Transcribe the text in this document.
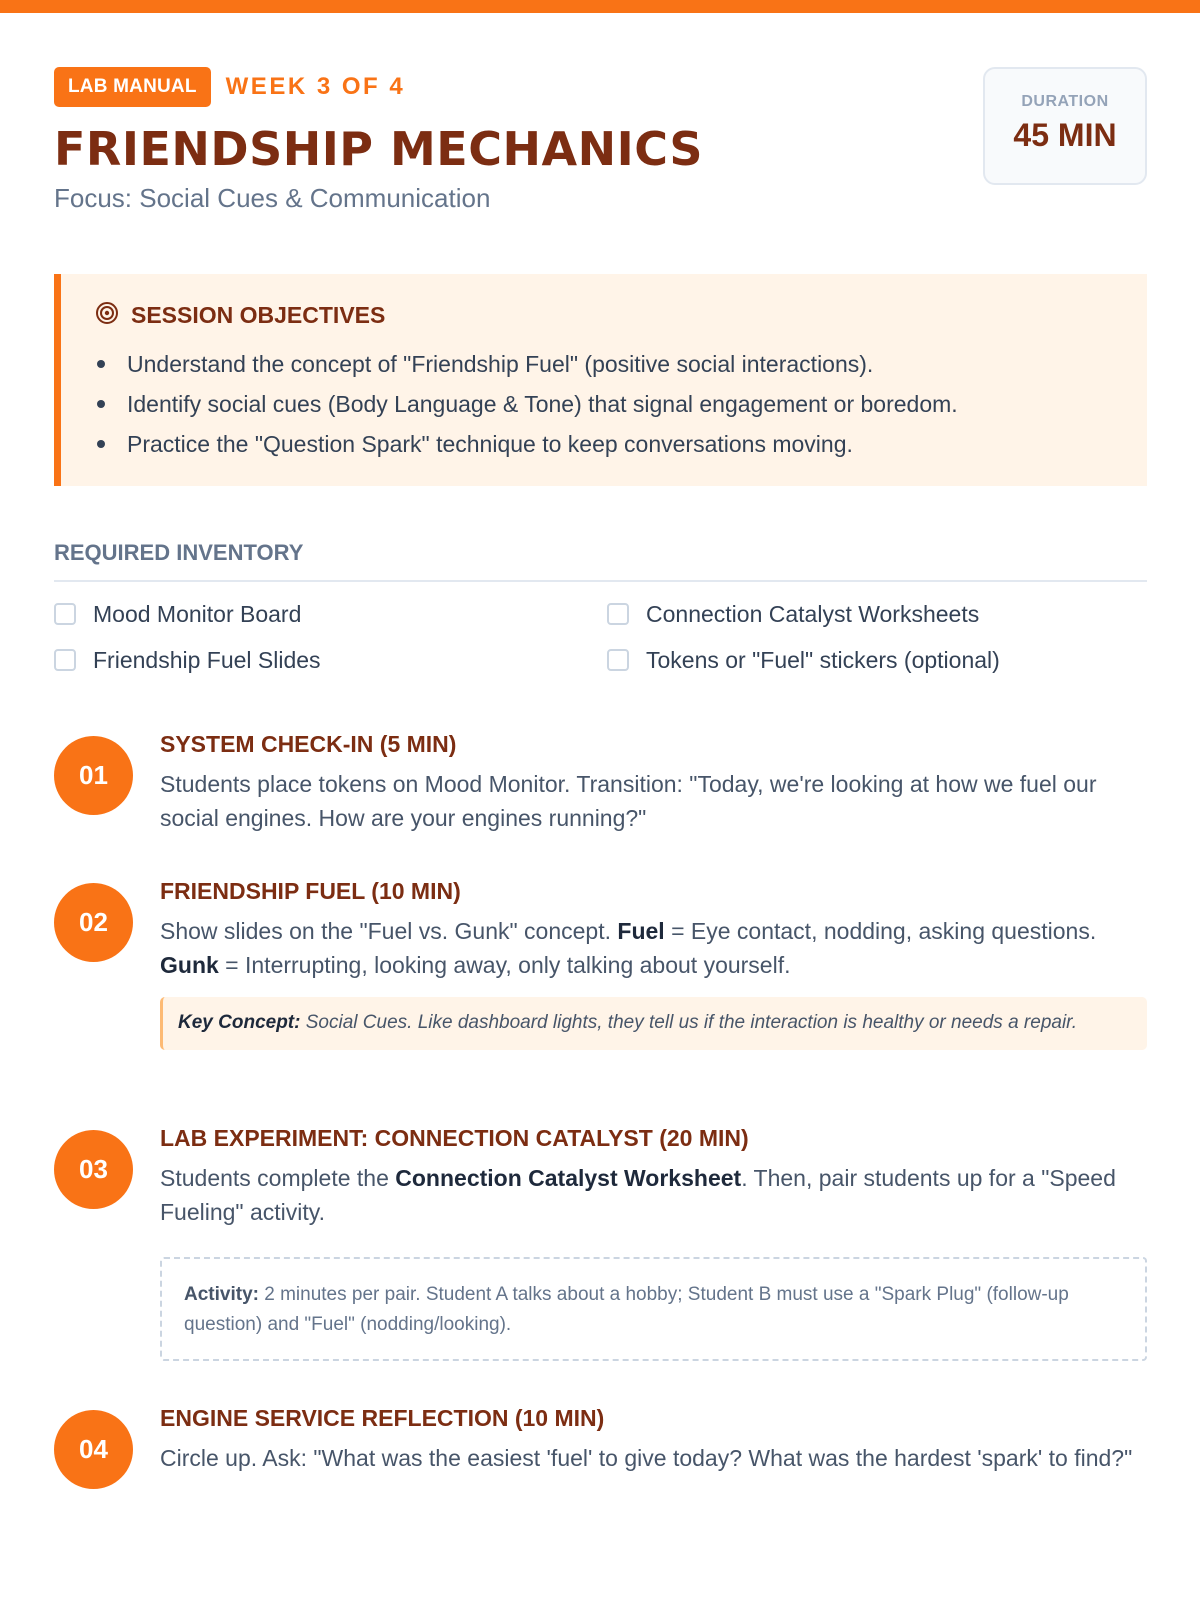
LAB MANUAL	WEEK 3 OF 4
FRIENDSHIP MECHANICS
Focus: Social Cues & Communication
DURATION
45 MIN
SESSION OBJECTIVES
Understand the concept of "Friendship Fuel" (positive social interactions).
Identify social cues (Body Language & Tone) that signal engagement or boredom.
Practice the "Question Spark" technique to keep conversations moving.
REQUIRED INVENTORY
Mood Monitor Board	Connection Catalyst Worksheets
Friendship Fuel Slides	Tokens or "Fuel" stickers (optional)
01
SYSTEM CHECK-IN (5 MIN)
Students place tokens on Mood Monitor. Transition: "Today, we're looking at how we fuel our social engines. How are your engines running?"
02
FRIENDSHIP FUEL (10 MIN)
Show slides on the "Fuel vs. Gunk" concept. Fuel = Eye contact, nodding, asking questions. Gunk = Interrupting, looking away, only talking about yourself.
Key Concept: Social Cues. Like dashboard lights, they tell us if the interaction is healthy or needs a repair.
03
LAB EXPERIMENT: CONNECTION CATALYST (20 MIN)
Students complete the Connection Catalyst Worksheet. Then, pair students up for a "Speed Fueling" activity.
Activity: 2 minutes per pair. Student A talks about a hobby; Student B must use a "Spark Plug" (follow-up question) and "Fuel" (nodding/looking).
04
ENGINE SERVICE REFLECTION (10 MIN)
Circle up. Ask: "What was the easiest 'fuel' to give today? What was the hardest 'spark' to find?"
